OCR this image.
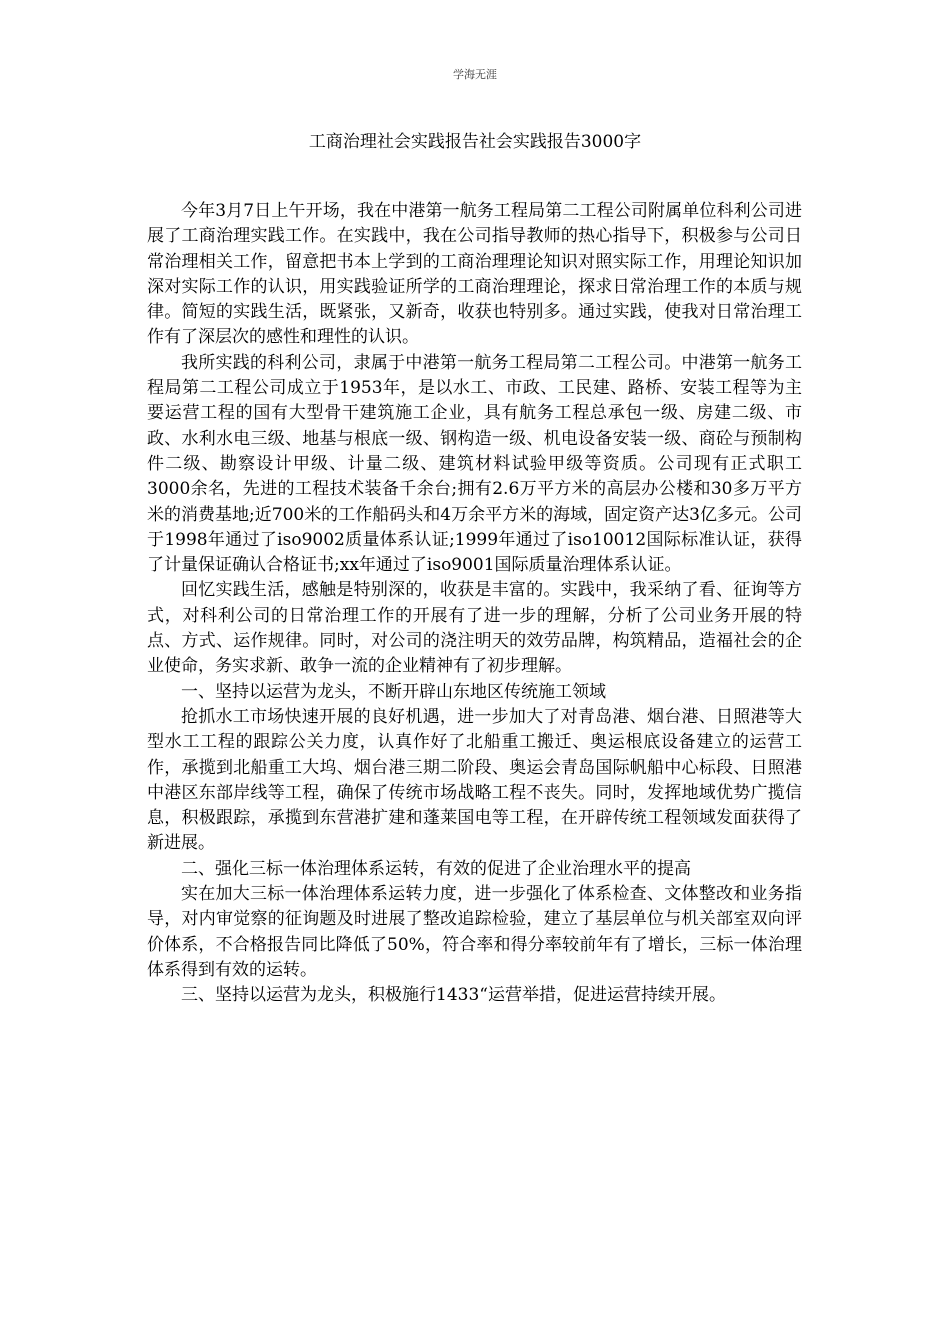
学海无涯
工商治理社会实践报告社会实践报告3000字

今年3月7日上午开场，我在中港第一航务工程局第二工程公司附属单位科利公司进展了工商治理实践工作。在实践中，我在公司指导教师的热心指导下，积极参与公司日常治理相关工作，留意把书本上学到的工商治理理论知识对照实际工作，用理论知识加深对实际工作的认识，用实践验证所学的工商治理理论，探求日常治理工作的本质与规律。简短的实践生活，既紧张，又新奇，收获也特别多。通过实践，使我对日常治理工作有了深层次的感性和理性的认识。

我所实践的科利公司，隶属于中港第一航务工程局第二工程公司。中港第一航务工程局第二工程公司成立于1953年，是以水工、市政、工民建、路桥、安装工程等为主要运营工程的国有大型骨干建筑施工企业，具有航务工程总承包一级、房建二级、市政、水利水电三级、地基与根底一级、钢构造一级、机电设备安装一级、商砼与预制构件二级、勘察设计甲级、计量二级、建筑材料试验甲级等资质。公司现有正式职工3000余名，先进的工程技术装备千余台;拥有2.6万平方米的高层办公楼和30多万平方米的消费基地;近700米的工作船码头和4万余平方米的海域，固定资产达3亿多元。公司于1998年通过了iso9002质量体系认证;1999年通过了iso10012国际标准认证，获得了计量保证确认合格证书;xx年通过了iso9001国际质量治理体系认证。

回忆实践生活，感触是特别深的，收获是丰富的。实践中，我采纳了看、征询等方式，对科利公司的日常治理工作的开展有了进一步的理解，分析了公司业务开展的特点、方式、运作规律。同时，对公司的浇注明天的效劳品牌，构筑精品，造福社会的企业使命，务实求新、敢争一流的企业精神有了初步理解。

一、坚持以运营为龙头，不断开辟山东地区传统施工领域

抢抓水工市场快速开展的良好机遇，进一步加大了对青岛港、烟台港、日照港等大型水工工程的跟踪公关力度，认真作好了北船重工搬迁、奥运根底设备建立的运营工作，承揽到北船重工大坞、烟台港三期二阶段、奥运会青岛国际帆船中心标段、日照港中港区东部岸线等工程，确保了传统市场战略工程不丧失。同时，发挥地域优势广揽信息，积极跟踪，承揽到东营港扩建和蓬莱国电等工程，在开辟传统工程领域发面获得了新进展。

二、强化三标一体治理体系运转，有效的促进了企业治理水平的提高

实在加大三标一体治理体系运转力度，进一步强化了体系检查、文体整改和业务指导，对内审觉察的征询题及时进展了整改追踪检验，建立了基层单位与机关部室双向评价体系，不合格报告同比降低了50%，符合率和得分率较前年有了增长，三标一体治理体系得到有效的运转。

三、坚持以运营为龙头，积极施行1433“运营举措，促进运营持续开展。
